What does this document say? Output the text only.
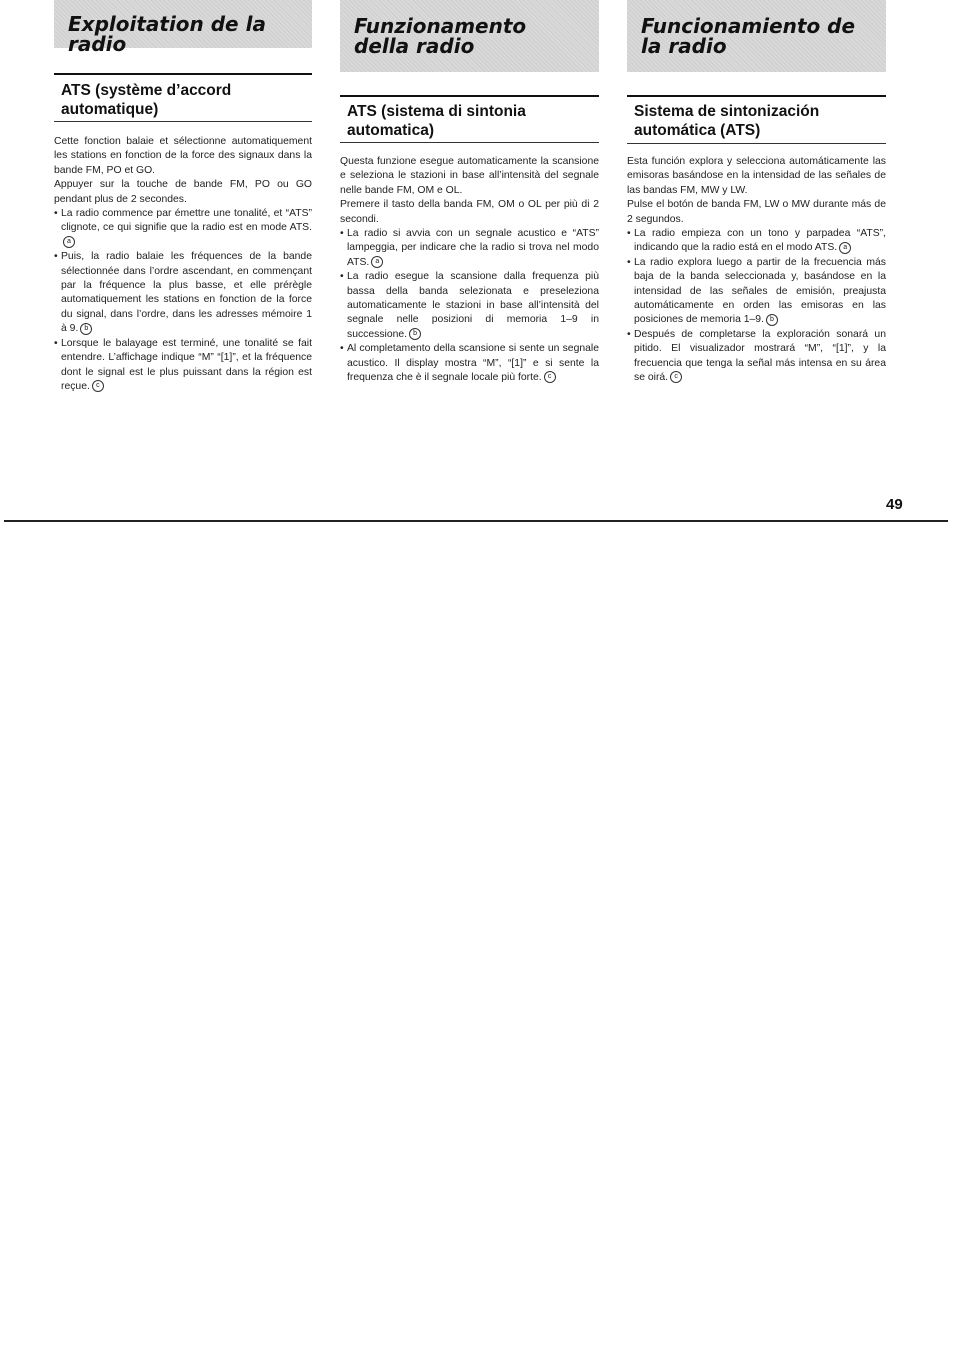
Exploitation de la radio
ATS (système d’accord automatique)

Cette fonction balaie et sélectionne automatiquement les stations en fonction de la force des signaux dans la bande FM, PO et GO.

Appuyer sur la touche de bande FM, PO ou GO pendant plus de 2 secondes.

• La radio commence par émettre une tonalité, et “ATS” clignote, ce qui signifie que la radio est en mode ATS.a
• Puis, la radio balaie les fréquences de la bande sélectionnée dans l’ordre ascendant, en commençant par la fréquence la plus basse, et elle prérègle automatiquement les stations en fonction de la force du signal, dans l’ordre, dans les adresses mémoire 1 à 9. b
• Lorsque le balayage est terminé, une tonalité se fait entendre. L’affichage indique “M” “[1]”, et la fréquence dont le signal est le plus puissant dans la région est reçue. c
Funzionamento della radio
ATS (sistema di sintonia automatica)

Questa funzione esegue automaticamente la scansione e seleziona le stazioni in base all’intensità del segnale nelle bande FM, OM e OL.

Premere il tasto della banda FM, OM o OL per più di 2 secondi.

• La radio si avvia con un segnale acustico e “ATS” lampeggia, per indicare che la radio si trova nel modo ATS. a
• La radio esegue la scansione dalla frequenza più bassa della banda selezionata e preseleziona automaticamente le stazioni in base all’intensità del segnale nelle posizioni di memoria 1–9 in successione. b
• Al completamento della scansione si sente un segnale acustico. Il display mostra “M”, “[1]” e si sente la frequenza che è il segnale locale più forte. c
Funcionamiento de la radio
Sistema de sintonización automática (ATS)

Esta función explora y selecciona automáticamente las emisoras basándose en la intensidad de las señales de las bandas FM, MW y LW.

Pulse el botón de banda FM, LW o MW durante más de 2 segundos.

• La radio empieza con un tono y parpadea “ATS”, indicando que la radio está en el modo ATS. a
• La radio explora luego a partir de la frecuencia más baja de la banda seleccionada y, basándose en la intensidad de las señales de emisión, preajusta automáticamente en orden las emisoras en las posiciones de memoria 1–9. b
• Después de completarse la exploración sonará un pitido. El visualizador mostrará “M”, “[1]”, y la frecuencia que tenga la señal más intensa en su área se oirá. c
49
